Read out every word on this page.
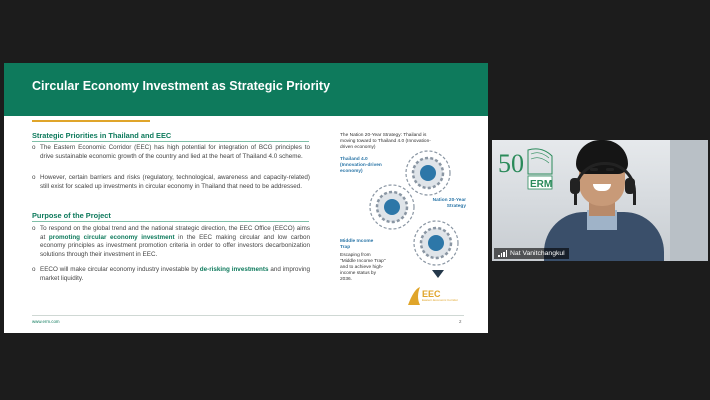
Circular Economy Investment as Strategic Priority
Strategic Priorities in Thailand and EEC
o The Eastern Economic Corridor (EEC) has high potential for integration of BCG principles to drive sustainable economic growth of the country and lied at the heart of Thailand 4.0 scheme.
o However, certain barriers and risks (regulatory, technological, awareness and capacity-related) still exist for scaled up investments in circular economy in Thailand that need to be addressed.
Purpose of the Project
o To respond on the global trend and the national strategic direction, the EEC Office (EECO) aims at promoting circular economy investment in the EEC making circular and low carbon economy principles as investment promotion criteria in order to offer investors decarbonization solutions through their investment in EEC.
o EECO will make circular economy industry investable by de-risking investments and improving market liquidity.
The Nation 20-Year Strategy: Thailand is moving toward to Thailand 4.0 (Innovation-driven economy)
Thailand 4.0 (Innovation-driven economy)
Nation 20-Year Strategy
Middle Income Trap
Escaping from "Middle Income Trap" and to achieve high-income status by 2036.
EEC
Eastern Economic Corridor
www.erm.com	2
50
ERM
Nat Vanitchangkul
